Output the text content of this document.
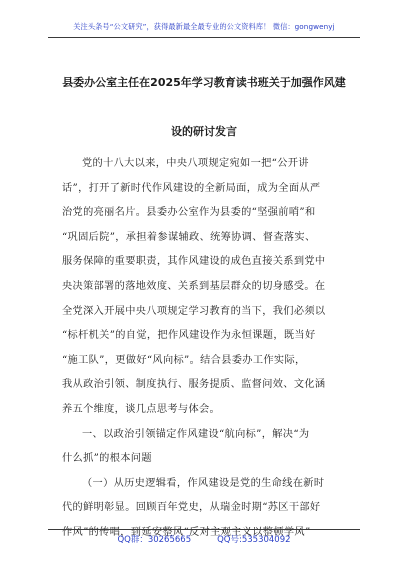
关注头条号“公文研究”，获得最新最全最专业的公文资料库！ 微信：gongwenyj
县委办公室主任在2025年学习教育读书班关于加强作风建
设的研讨发言
党的十八大以来，中央八项规定宛如一把“公开讲
话”，打开了新时代作风建设的全新局面，成为全面从严
治党的亮丽名片。县委办公室作为县委的“坚强前哨”和
“巩固后院”，承担着参谋辅政、统筹协调、督查落实、
服务保障的重要职责，其作风建设的成色直接关系到党中
央决策部署的落地效度、关系到基层群众的切身感受。在
全党深入开展中央八项规定学习教育的当下，我们必须以
“标杆机关”的自觉，把作风建设作为永恒课题，既当好
“施工队”，更做好“风向标”。结合县委办工作实际，
我从政治引领、制度执行、服务提质、监督问效、文化涵
养五个维度，谈几点思考与体会。
一、以政治引领锚定作风建设“航向标”，解决“为
什么抓”的根本问题
（一）从历史逻辑看，作风建设是党的生命线在新时
代的鲜明彰显。回顾百年党史，从瑞金时期“苏区干部好
作风”的传唱，到延安整风“反对主观主义以整顿学风”
QQ群：30265665	QQ号:535304092
